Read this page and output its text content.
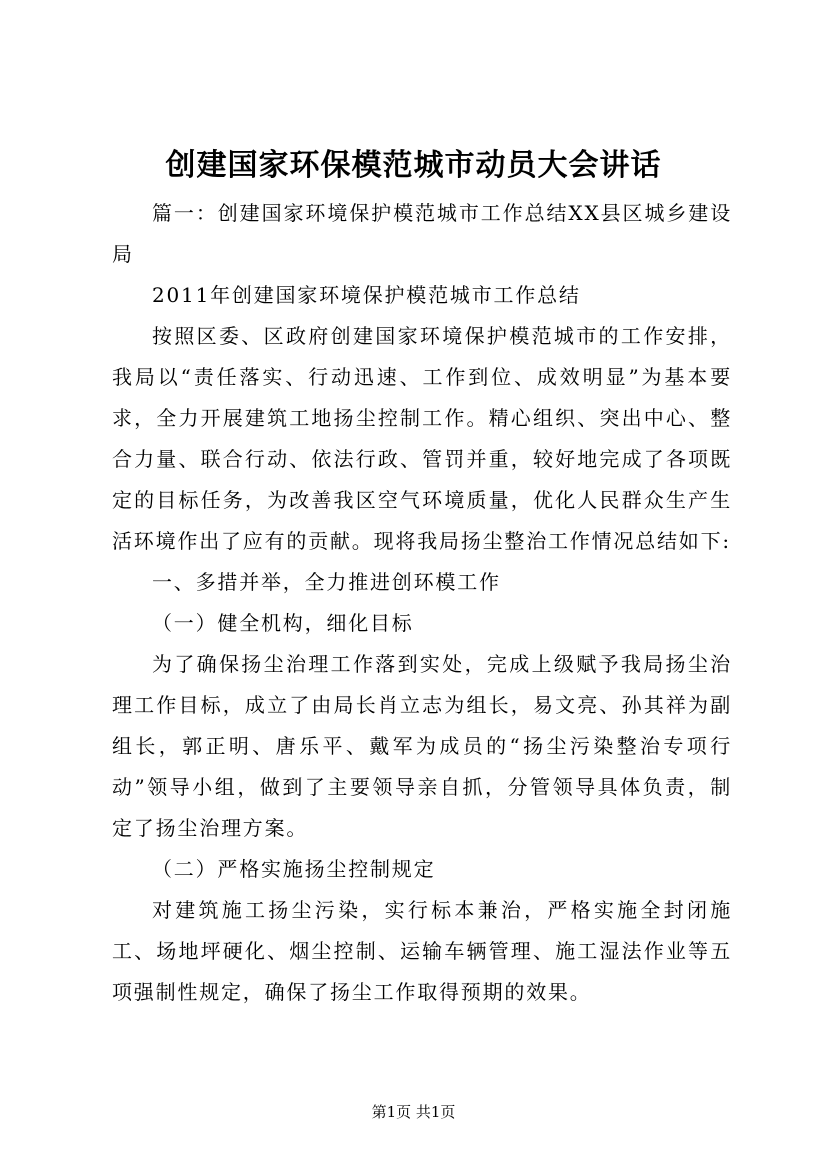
创建国家环保模范城市动员大会讲话

篇一：创建国家环境保护模范城市工作总结XX县区城乡建设局

2011年创建国家环境保护模范城市工作总结

按照区委、区政府创建国家环境保护模范城市的工作安排，我局以“责任落实、行动迅速、工作到位、成效明显”为基本要求，全力开展建筑工地扬尘控制工作。精心组织、突出中心、整合力量、联合行动、依法行政、管罚并重，较好地完成了各项既定的目标任务，为改善我区空气环境质量，优化人民群众生产生活环境作出了应有的贡献。现将我局扬尘整治工作情况总结如下:

一、多措并举，全力推进创环模工作

（一）健全机构，细化目标

为了确保扬尘治理工作落到实处，完成上级赋予我局扬尘治理工作目标，成立了由局长肖立志为组长，易文亮、孙其祥为副组长，郭正明、唐乐平、戴军为成员的“扬尘污染整治专项行动”领导小组，做到了主要领导亲自抓，分管领导具体负责，制定了扬尘治理方案。

（二）严格实施扬尘控制规定

对建筑施工扬尘污染，实行标本兼治，严格实施全封闭施工、场地坪硬化、烟尘控制、运输车辆管理、施工湿法作业等五项强制性规定，确保了扬尘工作取得预期的效果。

第1页 共1页
